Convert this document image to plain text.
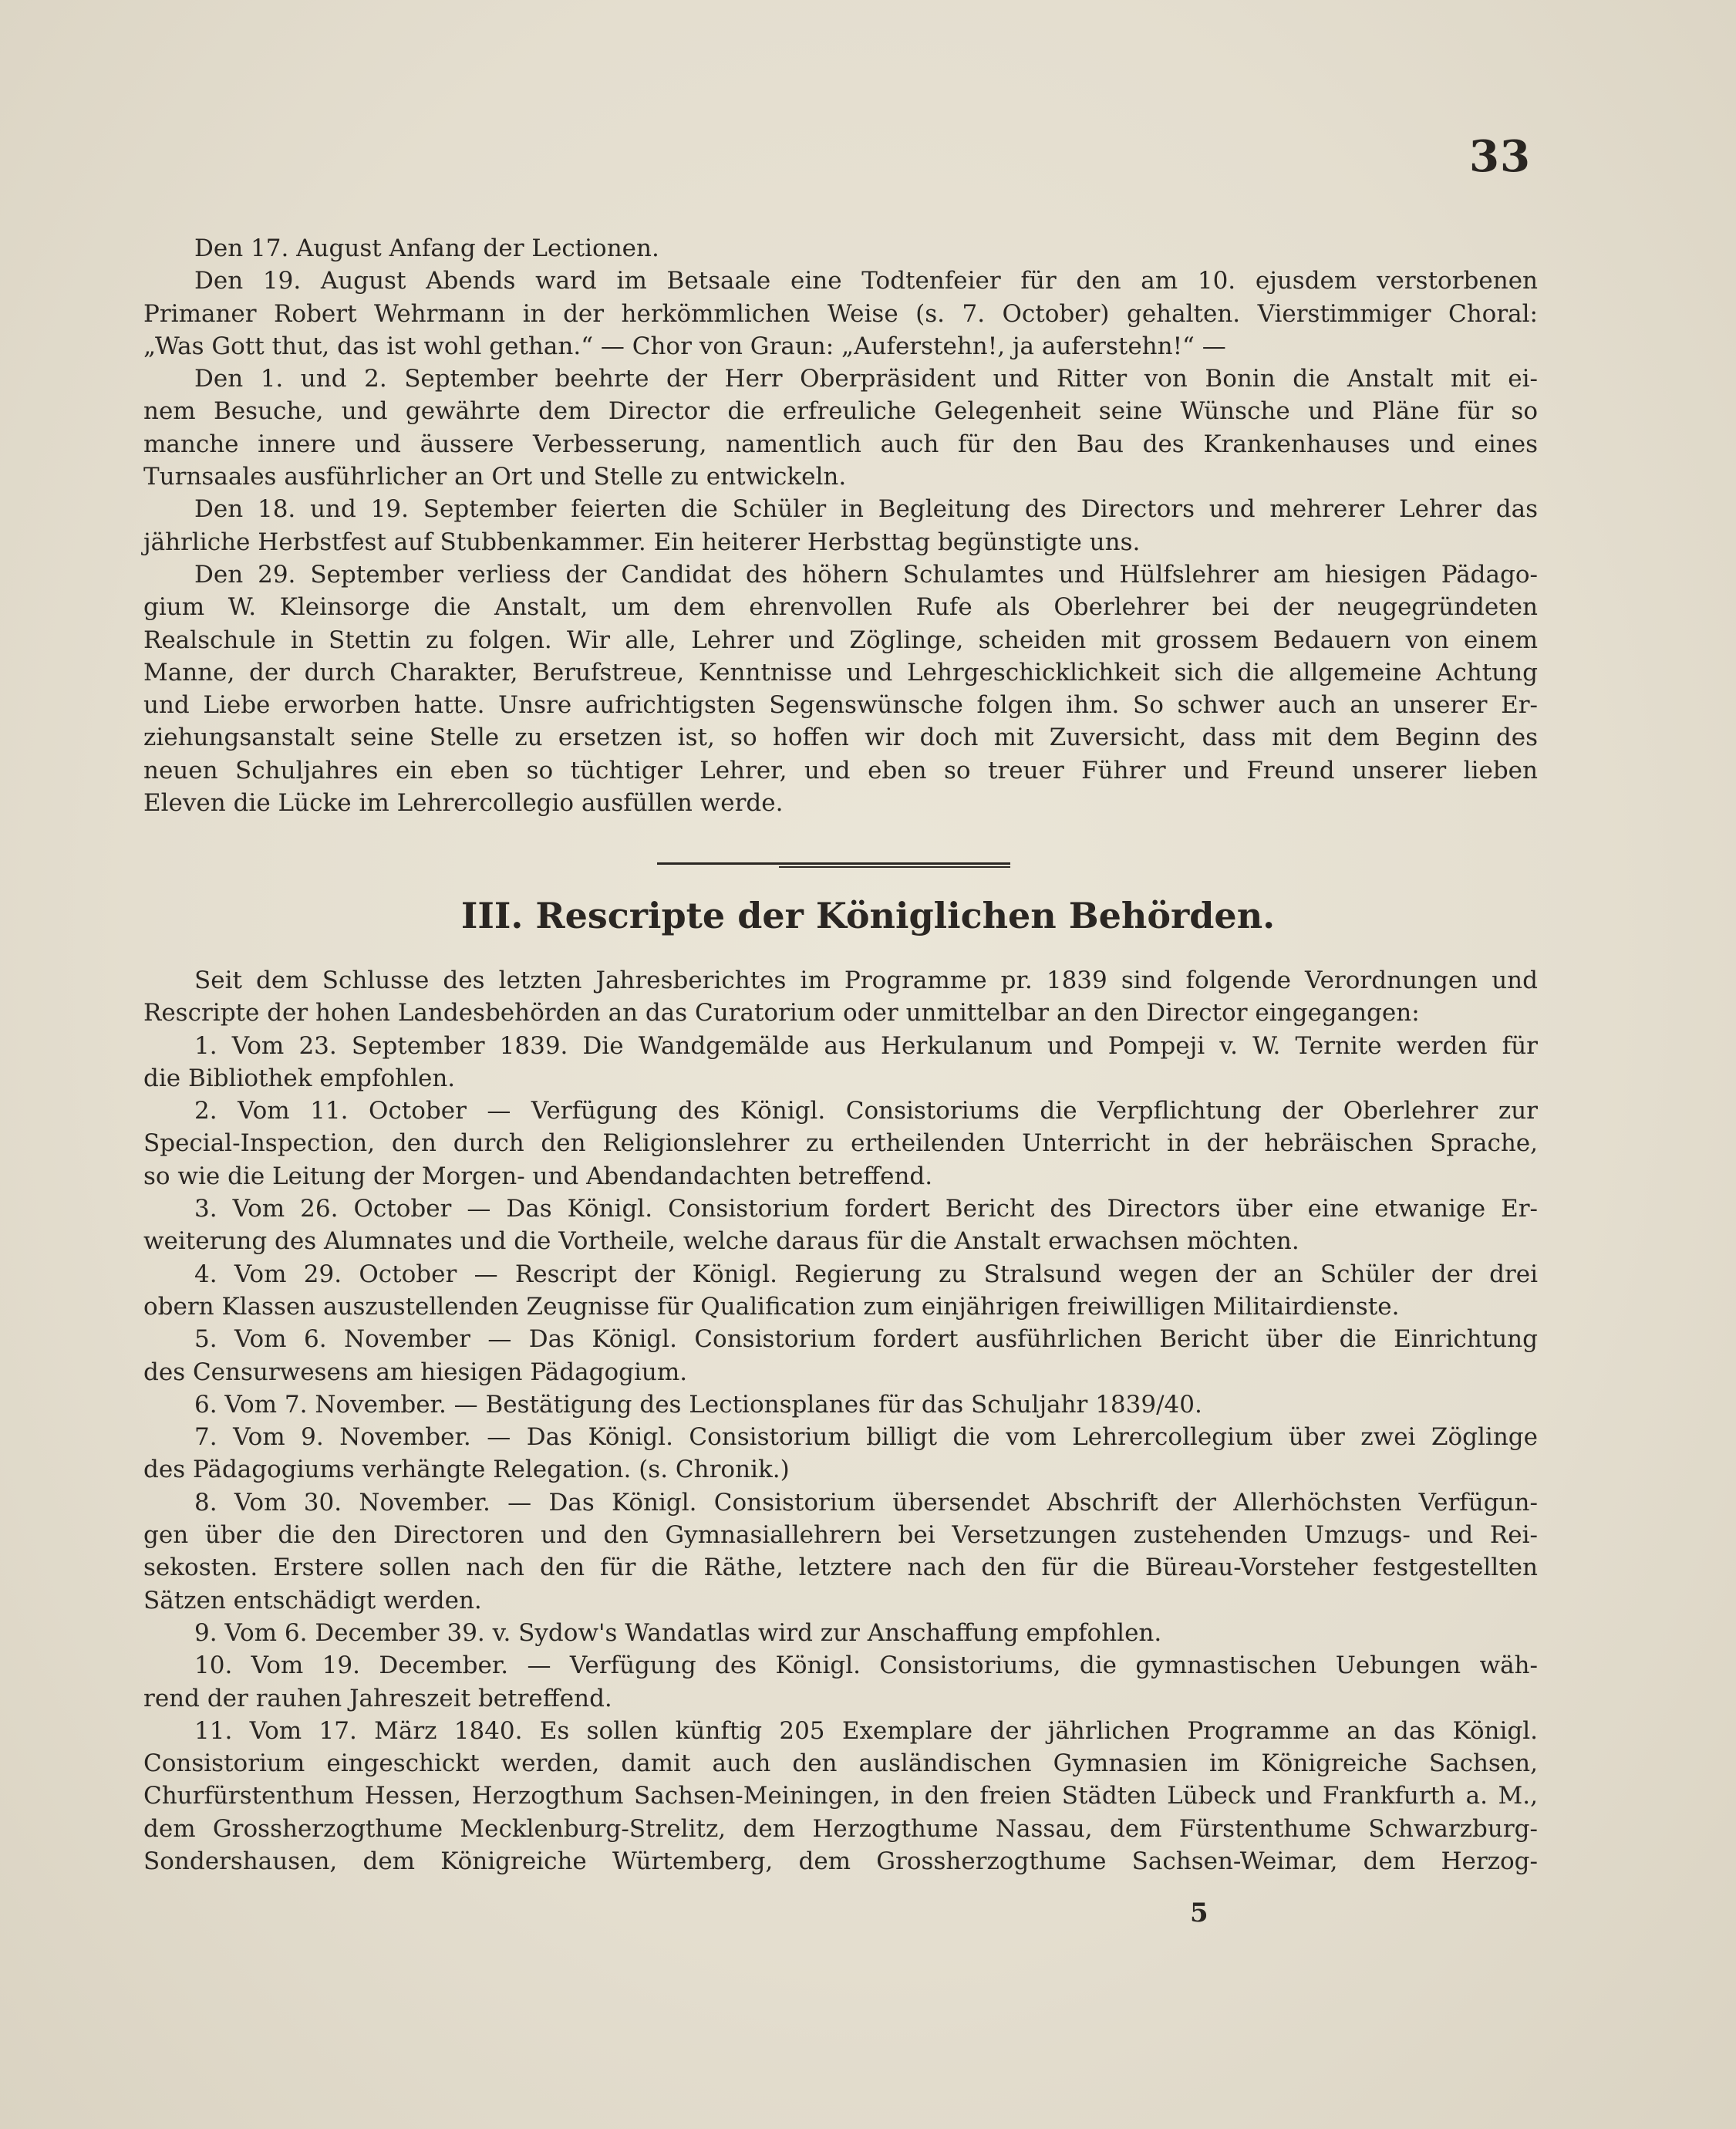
33

Den 17. August Anfang der Lectionen.

Den 19. August Abends ward im Betsaale eine Todtenfeier für den am 10. ejusdem verstorbenen

Primaner Robert Wehrmann in der herkömmlichen Weise (s. 7. October) gehalten. Vierstimmiger Choral:

„Was Gott thut, das ist wohl gethan.“ — Chor von Graun: „Auferstehn!, ja auferstehn!“ —

Den 1. und 2. September beehrte der Herr Oberpräsident und Ritter von Bonin die Anstalt mit ei-

nem Besuche, und gewährte dem Director die erfreuliche Gelegenheit seine Wünsche und Pläne für so

manche innere und äussere Verbesserung, namentlich auch für den Bau des Krankenhauses und eines

Turnsaales ausführlicher an Ort und Stelle zu entwickeln.

Den 18. und 19. September feierten die Schüler in Begleitung des Directors und mehrerer Lehrer das

jährliche Herbstfest auf Stubbenkammer. Ein heiterer Herbsttag begünstigte uns.

Den 29. September verliess der Candidat des höhern Schulamtes und Hülfslehrer am hiesigen Pädago-

gium W. Kleinsorge die Anstalt, um dem ehrenvollen Rufe als Oberlehrer bei der neugegründeten

Realschule in Stettin zu folgen. Wir alle, Lehrer und Zöglinge, scheiden mit grossem Bedauern von einem

Manne, der durch Charakter, Berufstreue, Kenntnisse und Lehrgeschicklichkeit sich die allgemeine Achtung

und Liebe erworben hatte. Unsre aufrichtigsten Segenswünsche folgen ihm. So schwer auch an unserer Er-

ziehungsanstalt seine Stelle zu ersetzen ist, so hoffen wir doch mit Zuversicht, dass mit dem Beginn des

neuen Schuljahres ein eben so tüchtiger Lehrer, und eben so treuer Führer und Freund unserer lieben

Eleven die Lücke im Lehrercollegio ausfüllen werde.

III. Rescripte der Königlichen Behörden.

Seit dem Schlusse des letzten Jahresberichtes im Programme pr. 1839 sind folgende Verordnungen und

Rescripte der hohen Landesbehörden an das Curatorium oder unmittelbar an den Director eingegangen:

1. Vom 23. September 1839. Die Wandgemälde aus Herkulanum und Pompeji v. W. Ternite werden für

die Bibliothek empfohlen.

2. Vom 11. October — Verfügung des Königl. Consistoriums die Verpflichtung der Oberlehrer zur

Special-Inspection, den durch den Religionslehrer zu ertheilenden Unterricht in der hebräischen Sprache,

so wie die Leitung der Morgen- und Abendandachten betreffend.

3. Vom 26. October — Das Königl. Consistorium fordert Bericht des Directors über eine etwanige Er-

weiterung des Alumnates und die Vortheile, welche daraus für die Anstalt erwachsen möchten.

4. Vom 29. October — Rescript der Königl. Regierung zu Stralsund wegen der an Schüler der drei

obern Klassen auszustellenden Zeugnisse für Qualification zum einjährigen freiwilligen Militairdienste.

5. Vom 6. November — Das Königl. Consistorium fordert ausführlichen Bericht über die Einrichtung

des Censurwesens am hiesigen Pädagogium.

6. Vom 7. November. — Bestätigung des Lectionsplanes für das Schuljahr 1839/40.

7. Vom 9. November. — Das Königl. Consistorium billigt die vom Lehrercollegium über zwei Zöglinge

des Pädagogiums verhängte Relegation. (s. Chronik.)

8. Vom 30. November. — Das Königl. Consistorium übersendet Abschrift der Allerhöchsten Verfügun-

gen über die den Directoren und den Gymnasiallehrern bei Versetzungen zustehenden Umzugs- und Rei-

sekosten. Erstere sollen nach den für die Räthe, letztere nach den für die Büreau-Vorsteher festgestellten

Sätzen entschädigt werden.

9. Vom 6. December 39. v. Sydow's Wandatlas wird zur Anschaffung empfohlen.

10. Vom 19. December. — Verfügung des Königl. Consistoriums, die gymnastischen Uebungen wäh-

rend der rauhen Jahreszeit betreffend.

11. Vom 17. März 1840. Es sollen künftig 205 Exemplare der jährlichen Programme an das Königl.

Consistorium eingeschickt werden, damit auch den ausländischen Gymnasien im Königreiche Sachsen,

Churfürstenthum Hessen, Herzogthum Sachsen-Meiningen, in den freien Städten Lübeck und Frankfurth a. M.,

dem Grossherzogthume Mecklenburg-Strelitz, dem Herzogthume Nassau, dem Fürstenthume Schwarzburg-

Sondershausen, dem Königreiche Würtemberg, dem Grossherzogthume Sachsen-Weimar, dem Herzog-

5
